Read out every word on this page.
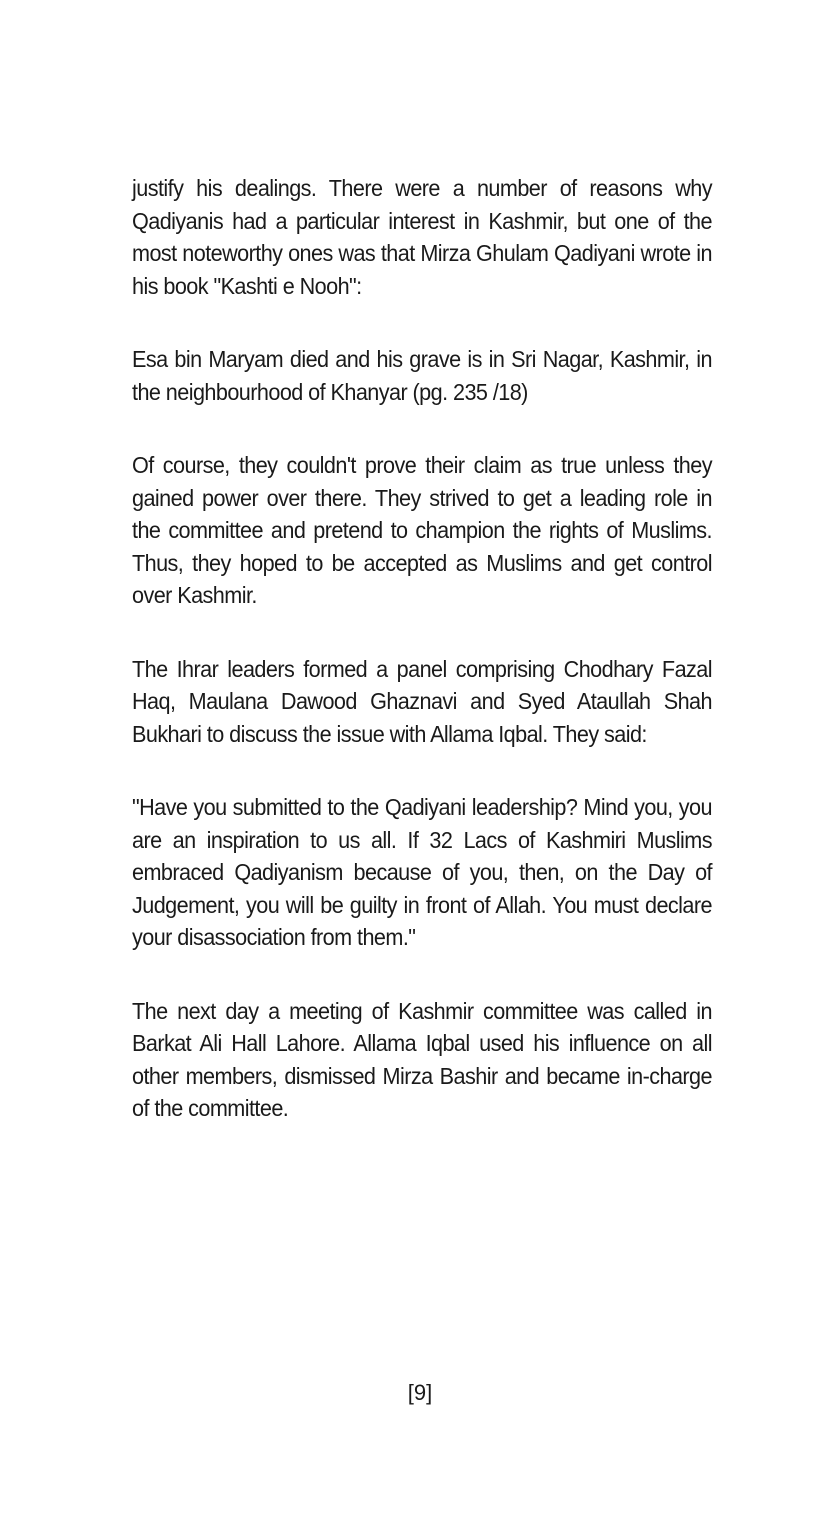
justify his dealings. There were a number of reasons why Qadiyanis had a particular interest in Kashmir, but one of the most noteworthy ones was that Mirza Ghulam Qadiyani wrote in his book "Kashti e Nooh":

Esa bin Maryam died and his grave is in Sri Nagar, Kashmir, in the neighbourhood of Khanyar (pg. 235 /18)

Of course, they couldn't prove their claim as true unless they gained power over there. They strived to get a leading role in the committee and pretend to champion the rights of Muslims. Thus, they hoped to be accepted as Muslims and get control over Kashmir.

The Ihrar leaders formed a panel comprising Chodhary Fazal Haq, Maulana Dawood Ghaznavi and Syed Ataullah Shah Bukhari to discuss the issue with Allama Iqbal. They said:

"Have you submitted to the Qadiyani leadership? Mind you, you are an inspiration to us all. If 32 Lacs of Kashmiri Muslims embraced Qadiyanism because of you, then, on the Day of Judgement, you will be guilty in front of Allah. You must declare your disassociation from them."

The next day a meeting of Kashmir committee was called in Barkat Ali Hall Lahore. Allama Iqbal used his influence on all other members, dismissed Mirza Bashir and became in-charge of the committee.

[9]
